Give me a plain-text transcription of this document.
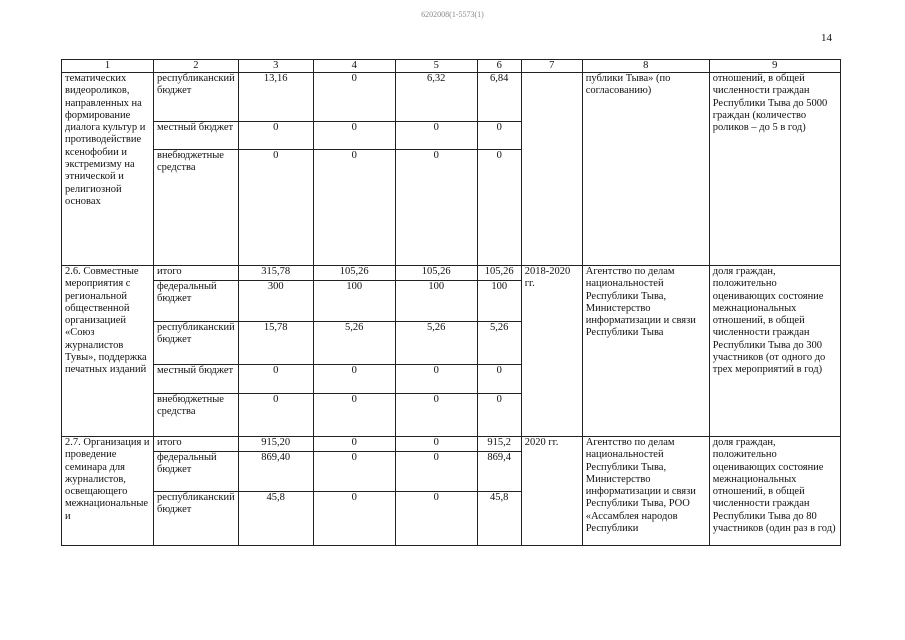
6202008(1-5573(1)
14
1	2	3	4	5	6	7	8	9
тематических видеороликов, направленных на формирование диалога культур и противодействие ксенофобии и экстремизму на этнической и религиозной основах	республиканский бюджет	13,16	0	6,32	6,84		публики Тыва» (по согласованию)	отношений, в общей численности граждан Республики Тыва до 5000 граждан (количество роликов – до 5 в год)
	местный бюджет	0	0	0	0			
	внебюджетные средства	0	0	0	0			
2.6. Совместные мероприятия с региональной общественной организацией «Союз журналистов Тувы», поддержка печатных изданий	итого	315,78	105,26	105,26	105,26	2018-2020 гг.	Агентство по делам национальностей Республики Тыва, Министерство информатизации и связи Республики Тыва	доля граждан, положительно оценивающих состояние межнациональных отношений, в общей численности граждан Республики Тыва до 300 участников (от одного до трех мероприятий в год)
	федеральный бюджет	300	100	100	100			
	республиканский бюджет	15,78	5,26	5,26	5,26			
	местный бюджет	0	0	0	0			
	внебюджетные средства	0	0	0	0			
2.7. Организация и проведение семинара для журналистов, освещающего межнациональные и	итого	915,20	0	0	915,2	2020 гг.	Агентство по делам национальностей Республики Тыва, Министерство информатизации и связи Республики Тыва, РОО «Ассамблея народов Республики	доля граждан, положительно оценивающих состояние межнациональных отношений, в общей численности граждан Республики Тыва до 80 участников (один раз в год)
	федеральный бюджет	869,40	0	0	869,4			
	республиканский бюджет	45,8	0	0	45,8			
